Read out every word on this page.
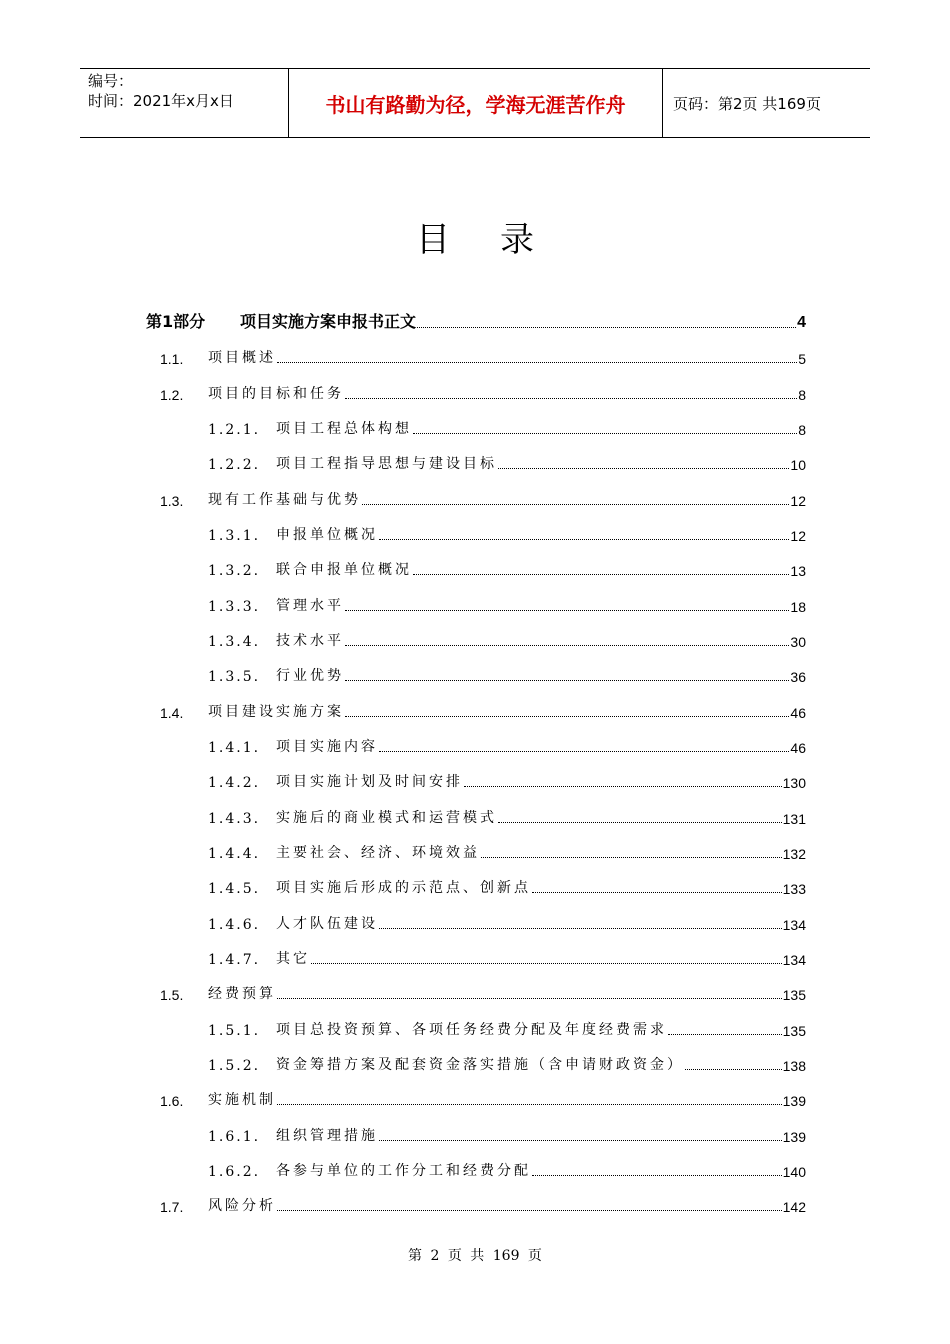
编号：
时间：2021年x月x日	书山有路勤为径，学海无涯苦作舟	页码：第2页 共169页
目录
第1部分	项目实施方案申报书正文	4
1.1.	项目概述	5
1.2.	项目的目标和任务	8
1.2.1.	项目工程总体构想	8
1.2.2.	项目工程指导思想与建设目标	10
1.3.	现有工作基础与优势	12
1.3.1.	申报单位概况	12
1.3.2.	联合申报单位概况	13
1.3.3.	管理水平	18
1.3.4.	技术水平	30
1.3.5.	行业优势	36
1.4.	项目建设实施方案	46
1.4.1.	项目实施内容	46
1.4.2.	项目实施计划及时间安排	130
1.4.3.	实施后的商业模式和运营模式	131
1.4.4.	主要社会、经济、环境效益	132
1.4.5.	项目实施后形成的示范点、创新点	133
1.4.6.	人才队伍建设	134
1.4.7.	其它	134
1.5.	经费预算	135
1.5.1.	项目总投资预算、各项任务经费分配及年度经费需求	135
1.5.2.	资金筹措方案及配套资金落实措施（含申请财政资金）	138
1.6.	实施机制	139
1.6.1.	组织管理措施	139
1.6.2.	各参与单位的工作分工和经费分配	140
1.7.	风险分析	142
第 2 页 共 169 页
